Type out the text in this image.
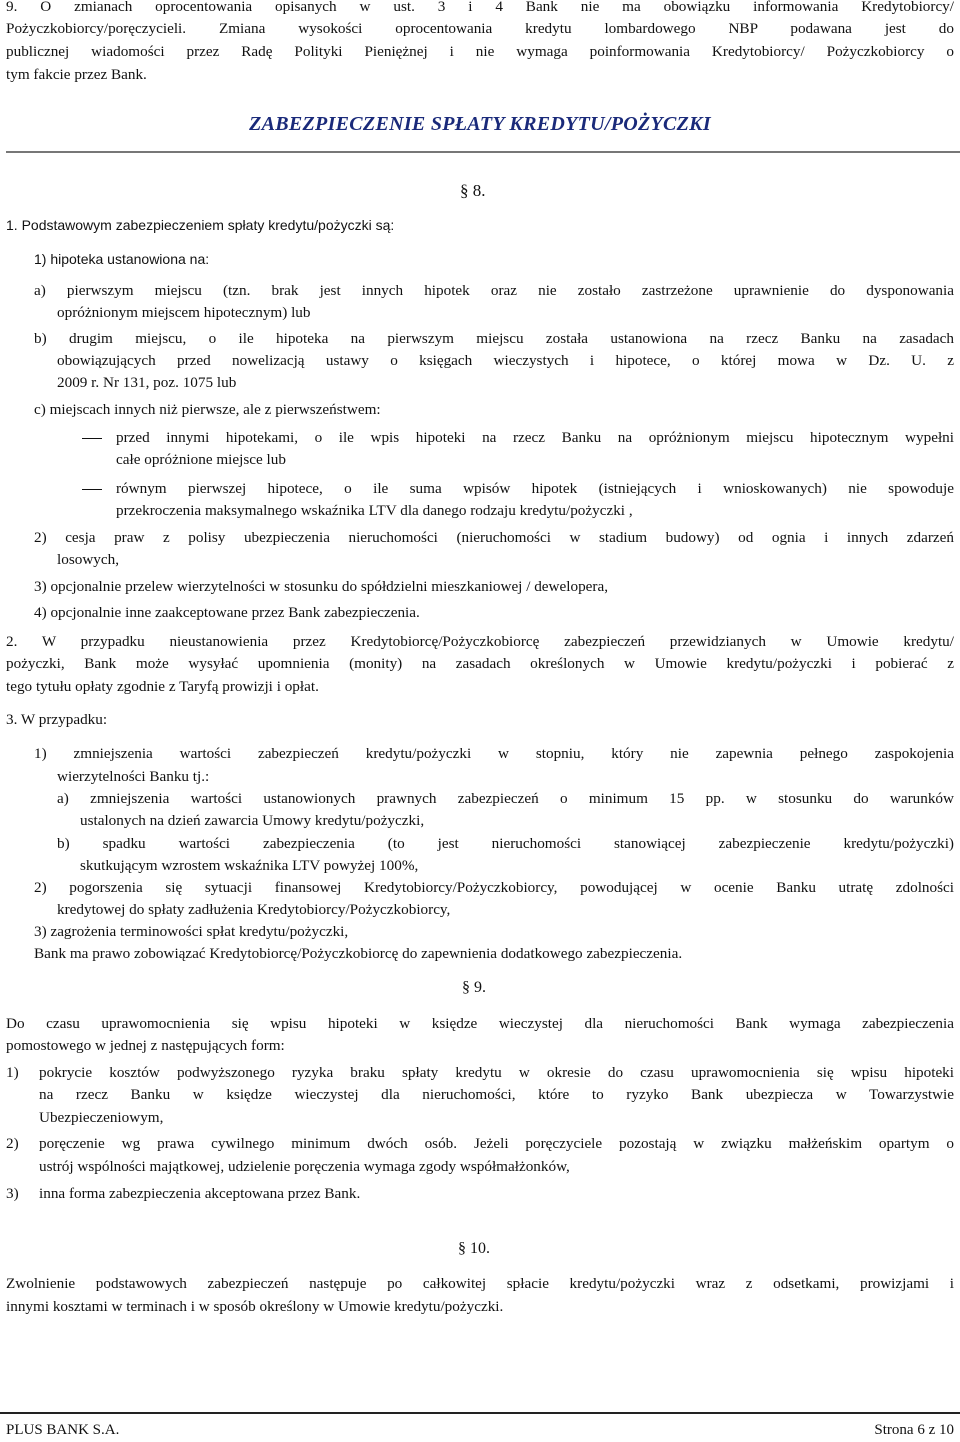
9. O zmianach oprocentowania opisanych w ust. 3 i 4 Bank nie ma obowiązku informowania Kredytobiorcy/
Pożyczkobiorcy/poręczycieli. Zmiana wysokości oprocentowania kredytu lombardowego NBP podawana jest do
publicznej wiadomości przez Radę Polityki Pieniężnej i nie wymaga poinformowania Kredytobiorcy/ Pożyczkobiorcy o
tym fakcie przez Bank.
ZABEZPIECZENIE SPŁATY KREDYTU/POŻYCZKI
§ 8.
1. Podstawowym zabezpieczeniem spłaty kredytu/pożyczki są:
1) hipoteka ustanowiona na:
a) pierwszym miejscu (tzn. brak jest innych hipotek oraz nie zostało zastrzeżone uprawnienie do dysponowania
opróżnionym miejscem hipotecznym) lub
b) drugim miejscu, o ile hipoteka na pierwszym miejscu została ustanowiona na rzecz Banku na zasadach
obowiązujących przed nowelizacją ustawy o księgach wieczystych i hipotece, o której mowa w Dz. U. z
2009 r. Nr 131, poz. 1075 lub
c) miejscach innych niż pierwsze, ale z pierwszeństwem:
przed innymi hipotekami, o ile wpis hipoteki na rzecz Banku na opróżnionym miejscu hipotecznym wypełni
całe opróżnione miejsce lub
równym pierwszej hipotece, o ile suma wpisów hipotek (istniejących i wnioskowanych) nie spowoduje
przekroczenia maksymalnego wskaźnika LTV dla danego rodzaju kredytu/pożyczki ,
2) cesja praw z polisy ubezpieczenia nieruchomości (nieruchomości w stadium budowy) od ognia i innych zdarzeń
losowych,
3) opcjonalnie przelew wierzytelności w stosunku do spółdzielni mieszkaniowej / dewelopera,
4) opcjonalnie inne zaakceptowane przez Bank zabezpieczenia.
2. W przypadku nieustanowienia przez Kredytobiorcę/Pożyczkobiorcę zabezpieczeń przewidzianych w Umowie kredytu/
pożyczki, Bank może wysyłać upomnienia (monity) na zasadach określonych w Umowie kredytu/pożyczki i pobierać z
tego tytułu opłaty zgodnie z Taryfą prowizji i opłat.
3. W przypadku:
1) zmniejszenia wartości zabezpieczeń kredytu/pożyczki w stopniu, który nie zapewnia pełnego zaspokojenia
wierzytelności Banku tj.:
a) zmniejszenia wartości ustanowionych prawnych zabezpieczeń o minimum 15 pp. w stosunku do warunków
ustalonych na dzień zawarcia Umowy kredytu/pożyczki,
b) spadku wartości zabezpieczenia (to jest nieruchomości stanowiącej zabezpieczenie kredytu/pożyczki)
skutkującym wzrostem wskaźnika LTV powyżej 100%,
2) pogorszenia się sytuacji finansowej Kredytobiorcy/Pożyczkobiorcy, powodującej w ocenie Banku utratę zdolności
kredytowej do spłaty zadłużenia Kredytobiorcy/Pożyczkobiorcy,
3) zagrożenia terminowości spłat kredytu/pożyczki,
Bank ma prawo zobowiązać Kredytobiorcę/Pożyczkobiorcę do zapewnienia dodatkowego zabezpieczenia.
§ 9.
Do czasu uprawomocnienia się wpisu hipoteki w księdze wieczystej dla nieruchomości Bank wymaga zabezpieczenia
pomostowego w jednej z następujących form:
1) pokrycie kosztów podwyższonego ryzyka braku spłaty kredytu w okresie do czasu uprawomocnienia się wpisu hipoteki
na rzecz Banku w księdze wieczystej dla nieruchomości, które to ryzyko Bank ubezpiecza w Towarzystwie
Ubezpieczeniowym,
2) poręczenie wg prawa cywilnego minimum dwóch osób. Jeżeli poręczyciele pozostają w związku małżeńskim opartym o
ustrój wspólności majątkowej, udzielenie poręczenia wymaga zgody współmałżonków,
3) inna forma zabezpieczenia akceptowana przez Bank.
§ 10.
Zwolnienie podstawowych zabezpieczeń następuje po całkowitej spłacie kredytu/pożyczki wraz z odsetkami, prowizjami i
innymi kosztami w terminach i w sposób określony w Umowie kredytu/pożyczki.
PLUS BANK S.A.	Strona 6 z 10
